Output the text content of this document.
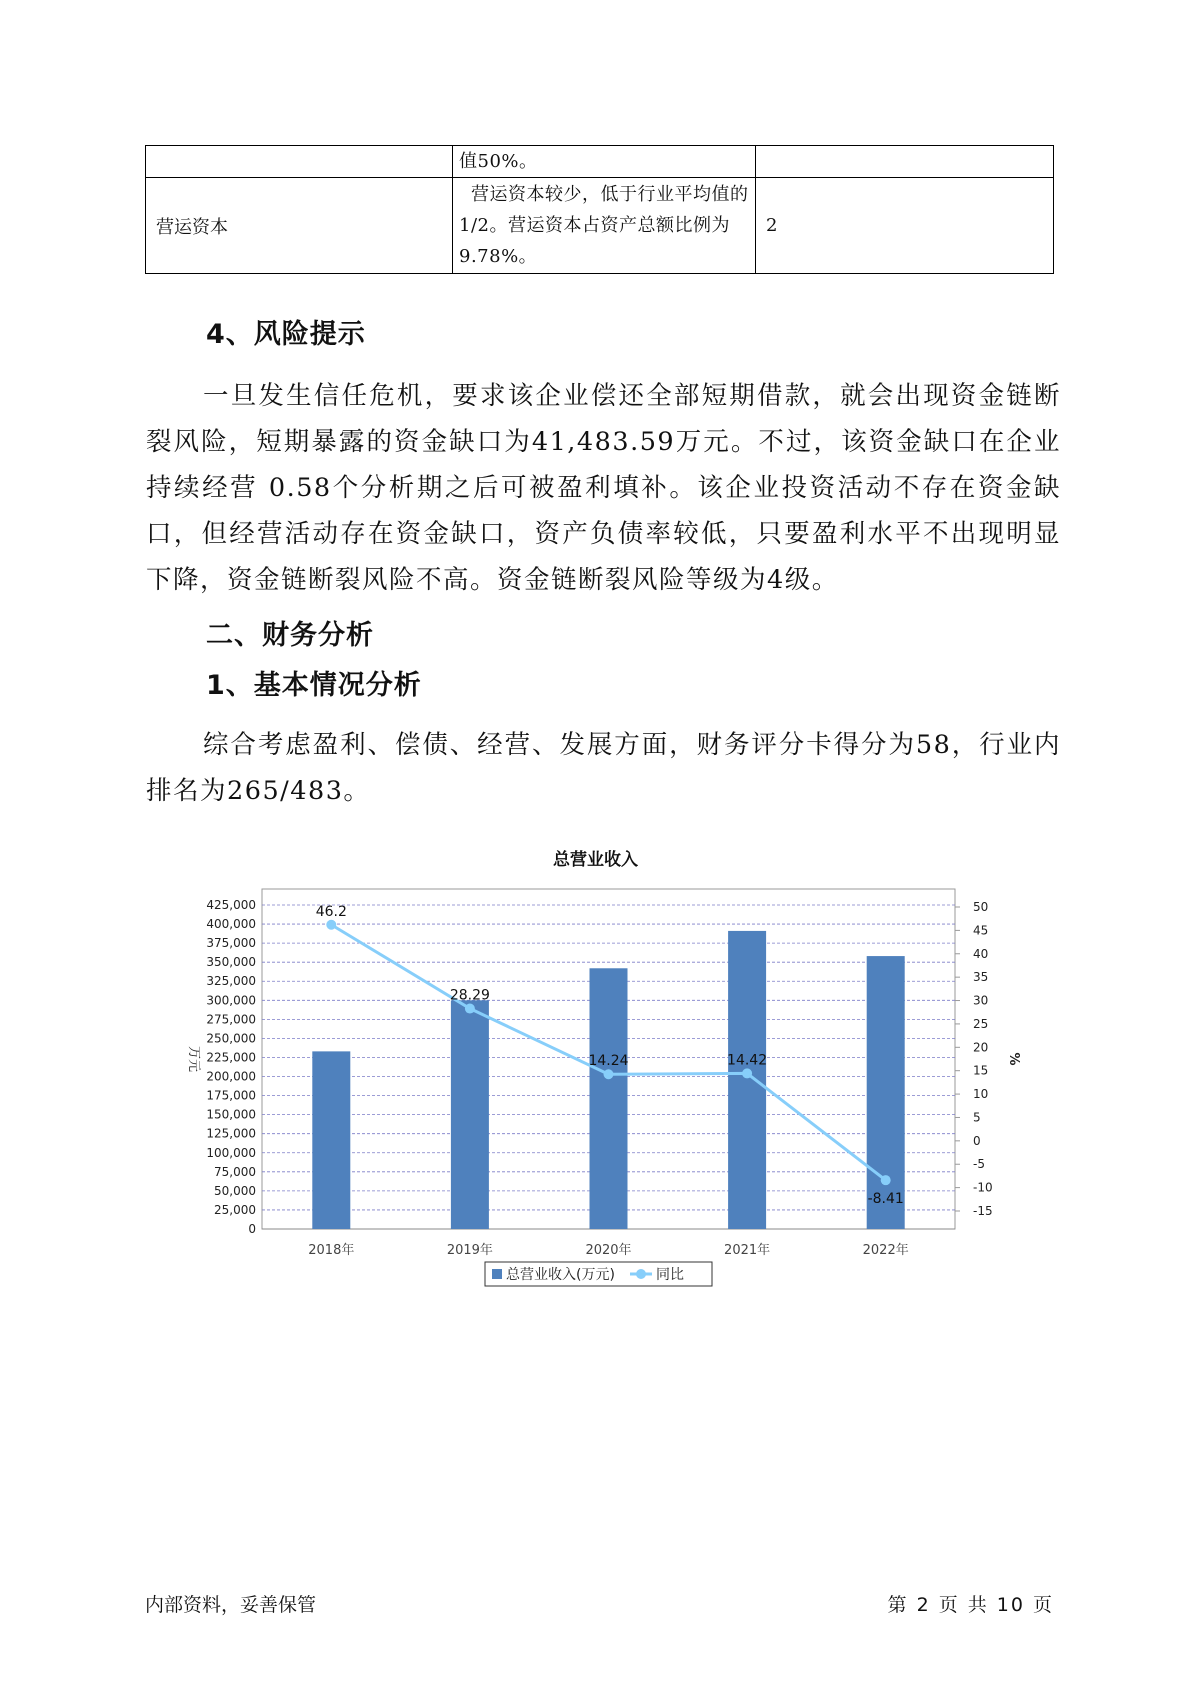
	值50%。	
营运资本	营运资本较少，低于行业平均值的1/2。营运资本占资产总额比例为9.78%。	2
4、风险提示

一旦发生信任危机，要求该企业偿还全部短期借款，就会出现资金链断裂风险，短期暴露的资金缺口为41,483.59万元。不过，该资金缺口在企业持续经营 0.58个分析期之后可被盈利填补。该企业投资活动不存在资金缺口，但经营活动存在资金缺口，资产负债率较低，只要盈利水平不出现明显下降，资金链断裂风险不高。资金链断裂风险等级为4级。

二、财务分析
1、基本情况分析

综合考虑盈利、偿债、经营、发展方面，财务评分卡得分为58，行业内排名为265/483。

总营业收入
0
25,000
50,000
75,000
100,000
125,000
150,000
175,000
200,000
225,000
250,000
275,000
300,000
325,000
350,000
375,000
400,000
425,000
-15
-10
-5
0
5
10
15
20
25
30
35
40
45
50
万元	%
2018年	2019年	2020年	2021年	2022年
46.2
28.29
14.24	14.42
-8.41
总营业收入(万元)	同比
内部资料，妥善保管	第 2 页 共 10 页
